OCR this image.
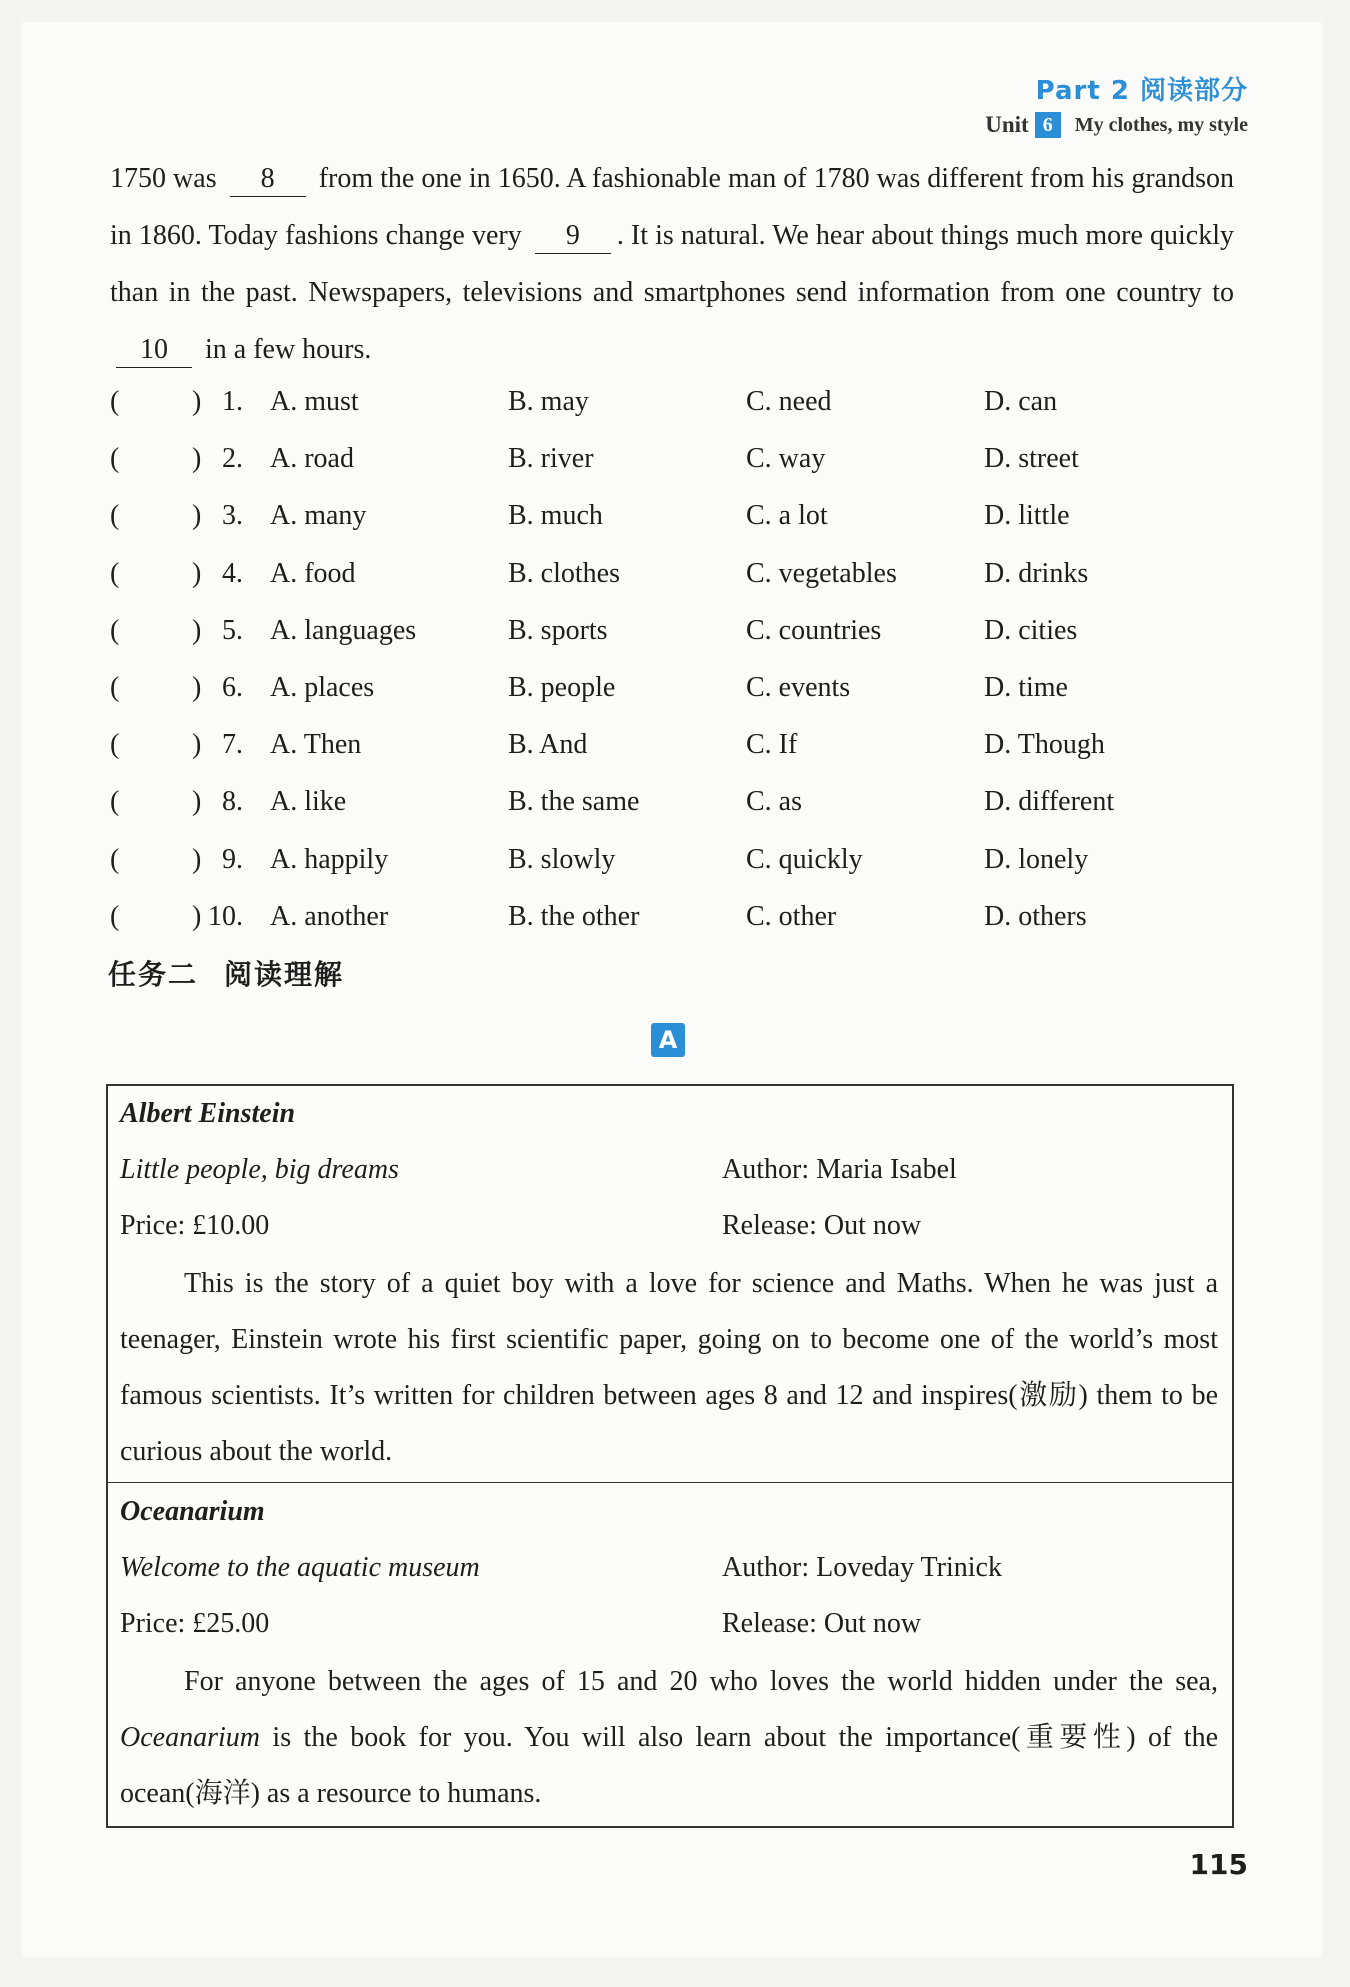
Part 2 阅读部分
Unit 6	My clothes, my style
1750 was 8 from the one in 1650. A fashionable man of 1780 was different from his grandson in 1860. Today fashions change very 9 . It is natural. We hear about things much more quickly than in the past. Newspapers, televisions and smartphones send information from one country to 10 in a few hours.
(	) 1. A. must	B. may	C. need	D. can
(	) 2. A. road	B. river	C. way	D. street
(	) 3. A. many	B. much	C. a lot	D. little
(	) 4. A. food	B. clothes	C. vegetables	D. drinks
(	) 5. A. languages	B. sports	C. countries	D. cities
(	) 6. A. places	B. people	C. events	D. time
(	) 7. A. Then	B. And	C. If	D. Though
(	) 8. A. like	B. the same	C. as	D. different
(	) 9. A. happily	B. slowly	C. quickly	D. lonely
(	) 10. A. another	B. the other	C. other	D. others
任务二 阅读理解
A
Albert Einstein
Little people, big dreams	Author: Maria Isabel
Price: £10.00	Release: Out now

This is the story of a quiet boy with a love for science and Maths. When he was just a teenager, Einstein wrote his first scientific paper, going on to become one of the world’s most famous scientists. It’s written for children between ages 8 and 12 and inspires(激励) them to be curious about the world.

Oceanarium
Welcome to the aquatic museum	Author: Loveday Trinick
Price: £25.00	Release: Out now

For anyone between the ages of 15 and 20 who loves the world hidden under the sea, Oceanarium is the book for you. You will also learn about the importance(重要性) of the ocean(海洋) as a resource to humans.

115
